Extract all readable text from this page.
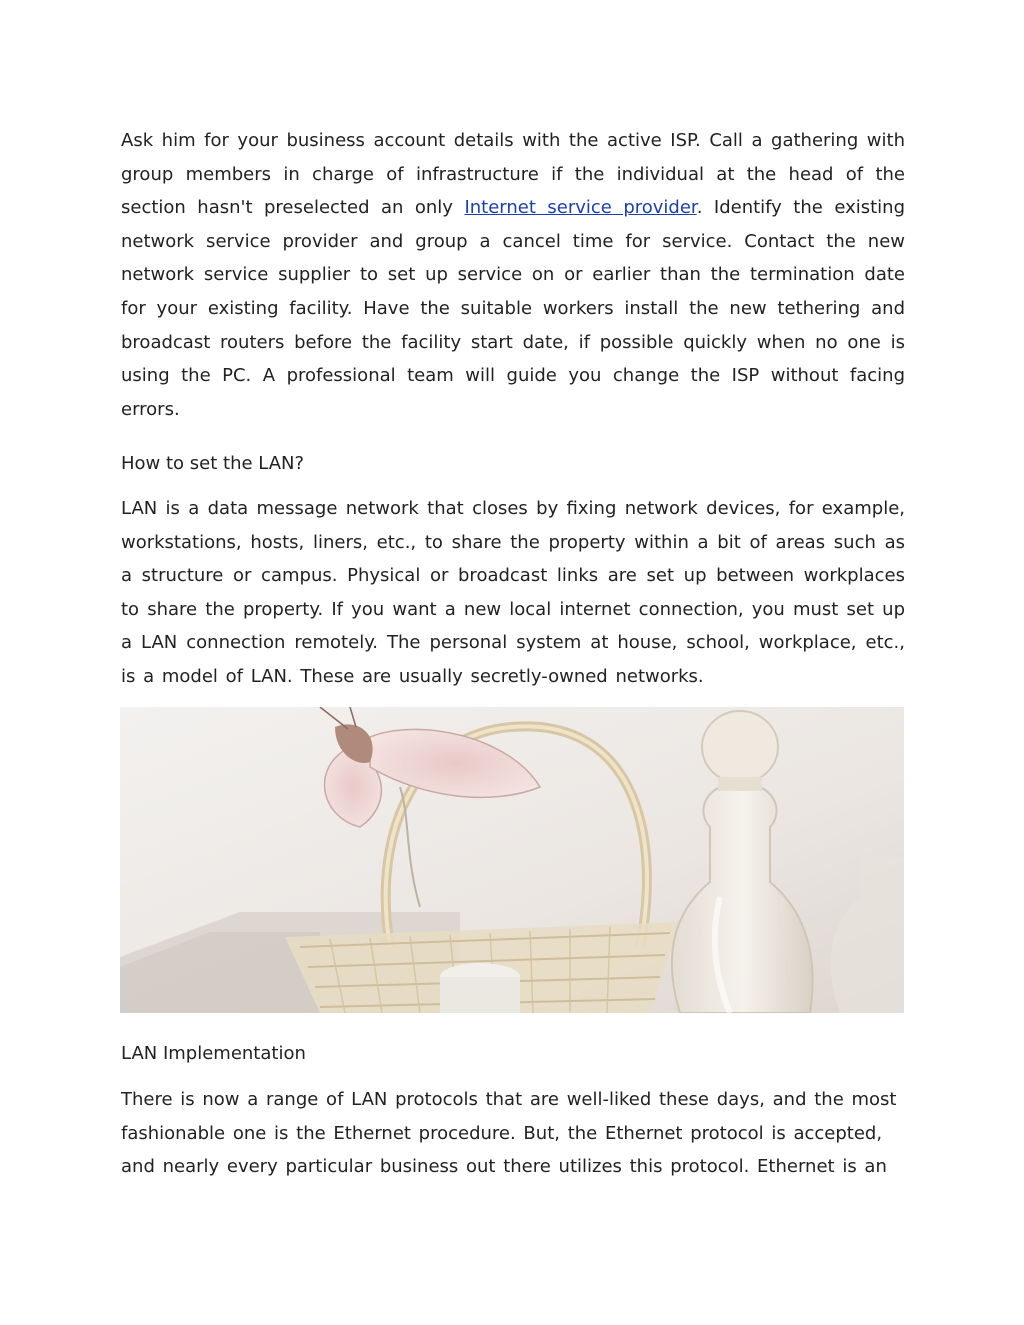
Ask him for your business account details with the active ISP. Call a gathering with group members in charge of infrastructure if the individual at the head of the section hasn't preselected an only Internet service provider. Identify the existing network service provider and group a cancel time for service. Contact the new network service supplier to set up service on or earlier than the termination date for your existing facility. Have the suitable workers install the new tethering and broadcast routers before the facility start date, if possible quickly when no one is using the PC. A professional team will guide you change the ISP without facing errors.

How to set the LAN?

LAN is a data message network that closes by fixing network devices, for example, workstations, hosts, liners, etc., to share the property within a bit of areas such as a structure or campus. Physical or broadcast links are set up between workplaces to share the property. If you want a new local internet connection, you must set up a LAN connection remotely. The personal system at house, school, workplace, etc., is a model of LAN. These are usually secretly-owned networks.

LAN Implementation

There is now a range of LAN protocols that are well-liked these days, and the most fashionable one is the Ethernet procedure. But, the Ethernet protocol is accepted, and nearly every particular business out there utilizes this protocol. Ethernet is an
